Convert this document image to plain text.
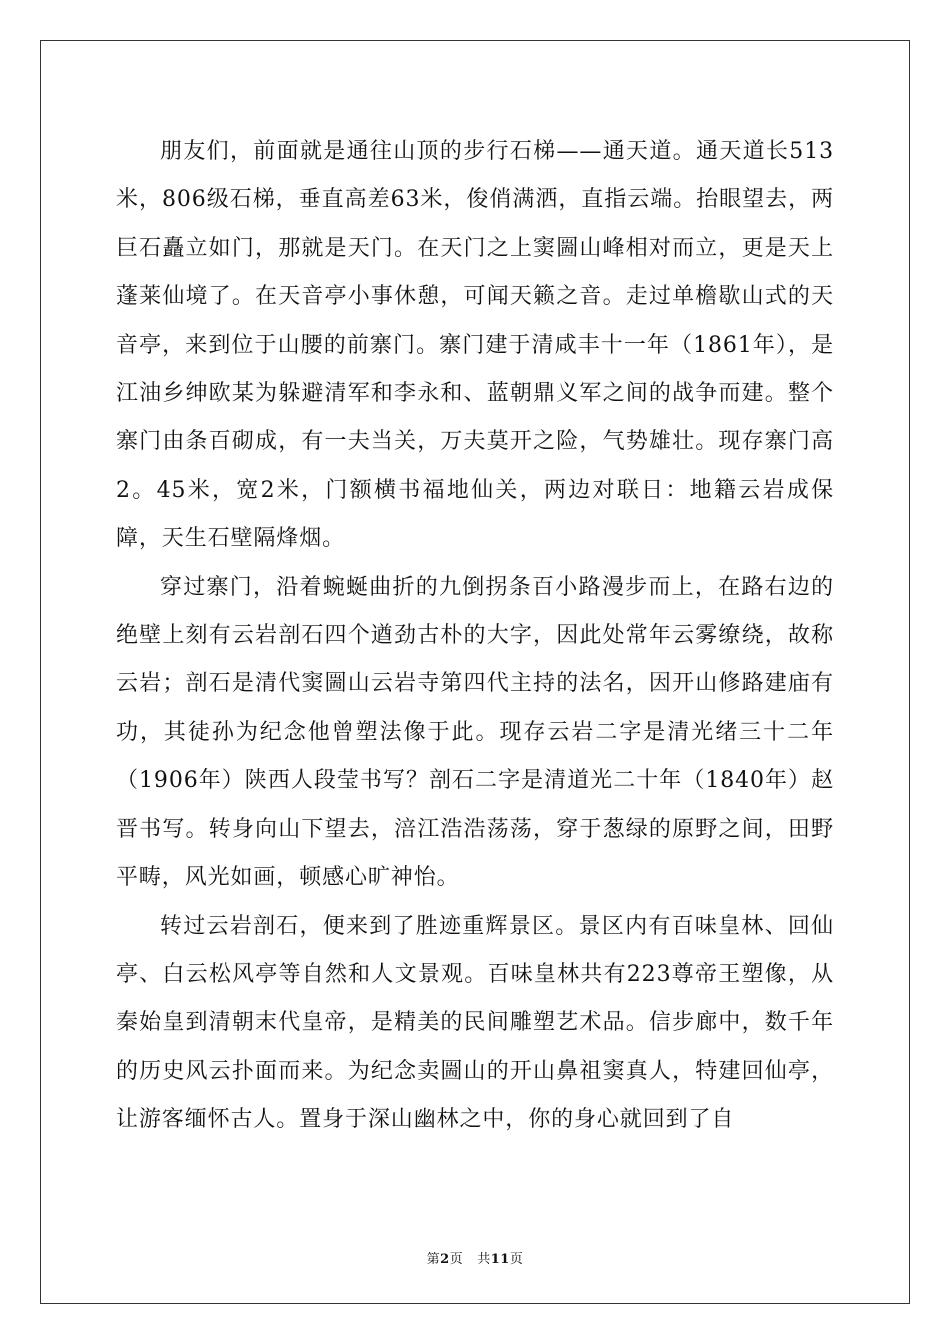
朋友们，前面就是通往山顶的步行石梯——通天道。通天道长513米，806级石梯，垂直高差63米，俊俏满洒，直指云端。抬眼望去，两巨石矗立如门，那就是天门。在天门之上窦圌山峰相对而立，更是天上蓬莱仙境了。在天音亭小事休憩，可闻天籁之音。走过单檐歇山式的天音亭，来到位于山腰的前寨门。寨门建于清咸丰十一年（1861年），是江油乡绅欧某为躲避清军和李永和、蓝朝鼎义军之间的战争而建。整个寨门由条百砌成，有一夫当关，万夫莫开之险，气势雄壮。现存寨门高2。45米，宽2米，门额横书福地仙关，两边对联日：地籍云岩成保障，天生石壁隔烽烟。

穿过寨门，沿着蜿蜒曲折的九倒拐条百小路漫步而上，在路右边的绝壁上刻有云岩剖石四个遒劲古朴的大字，因此处常年云雾缭绕，故称云岩；剖石是清代窦圌山云岩寺第四代主持的法名，因开山修路建庙有功，其徒孙为纪念他曾塑法像于此。现存云岩二字是清光绪三十二年（1906年）陕西人段莹书写？剖石二字是清道光二十年（1840年）赵晋书写。转身向山下望去，涪江浩浩荡荡，穿于葱绿的原野之间，田野平畴，风光如画，顿感心旷神怡。

转过云岩剖石，便来到了胜迹重辉景区。景区内有百味皇林、回仙亭、白云松风亭等自然和人文景观。百味皇林共有223尊帝王塑像，从秦始皇到清朝末代皇帝，是精美的民间雕塑艺术品。信步廊中，数千年的历史风云扑面而来。为纪念卖圌山的开山鼻祖窦真人，特建回仙亭，让游客缅怀古人。置身于深山幽林之中，你的身心就回到了自

第2页 共11页
